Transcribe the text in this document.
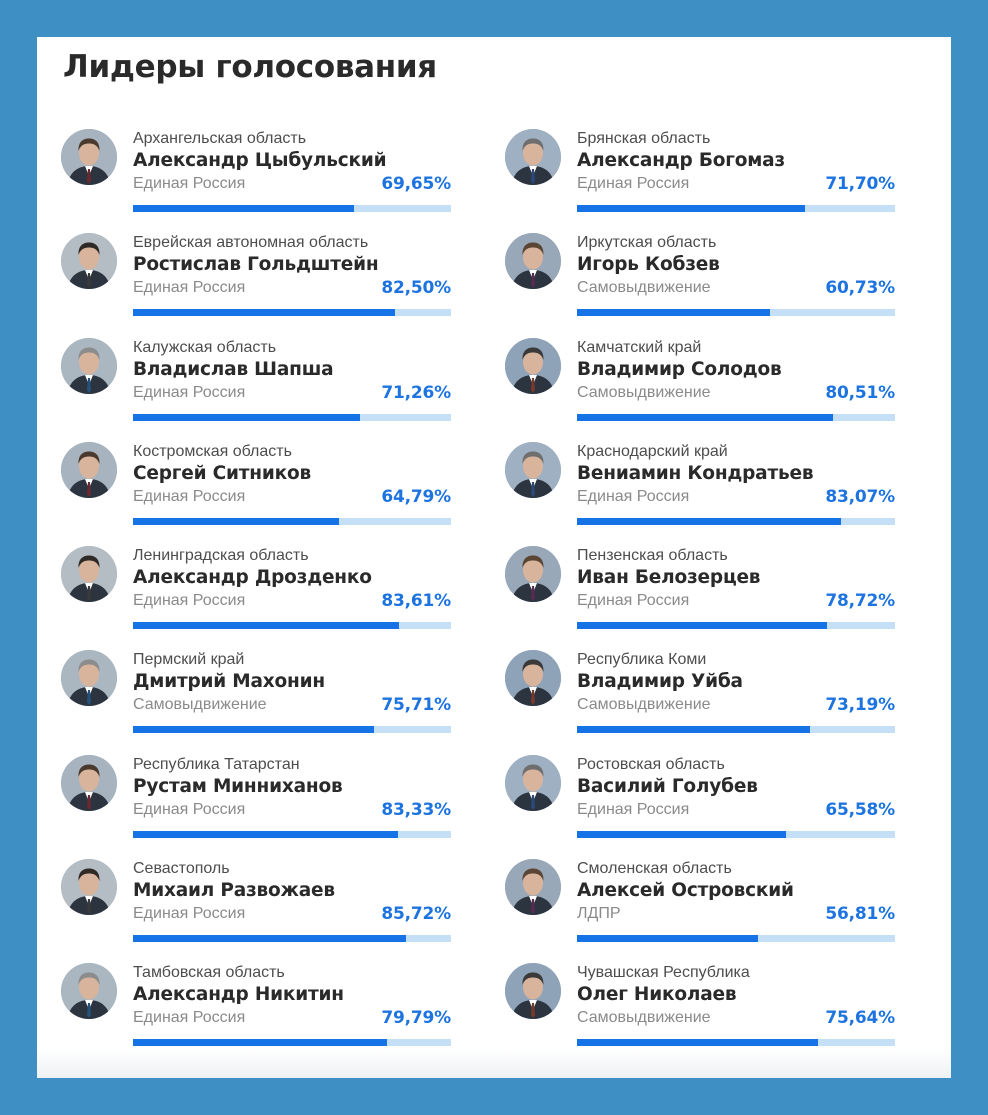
Лидеры голосования
Архангельская область
Александр Цыбульский
Единая Россия	69,65%
Брянская область
Александр Богомаз
Единая Россия	71,70%
Еврейская автономная область
Ростислав Гольдштейн
Единая Россия	82,50%
Иркутская область
Игорь Кобзев
Самовыдвижение	60,73%
Калужская область
Владислав Шапша
Единая Россия	71,26%
Камчатский край
Владимир Солодов
Самовыдвижение	80,51%
Костромская область
Сергей Ситников
Единая Россия	64,79%
Краснодарский край
Вениамин Кондратьев
Единая Россия	83,07%
Ленинградская область
Александр Дрозденко
Единая Россия	83,61%
Пензенская область
Иван Белозерцев
Единая Россия	78,72%
Пермский край
Дмитрий Махонин
Самовыдвижение	75,71%
Республика Коми
Владимир Уйба
Самовыдвижение	73,19%
Республика Татарстан
Рустам Минниханов
Единая Россия	83,33%
Ростовская область
Василий Голубев
Единая Россия	65,58%
Севастополь
Михаил Развожаев
Единая Россия	85,72%
Смоленская область
Алексей Островский
ЛДПР	56,81%
Тамбовская область
Александр Никитин
Единая Россия	79,79%
Чувашская Республика
Олег Николаев
Самовыдвижение	75,64%
